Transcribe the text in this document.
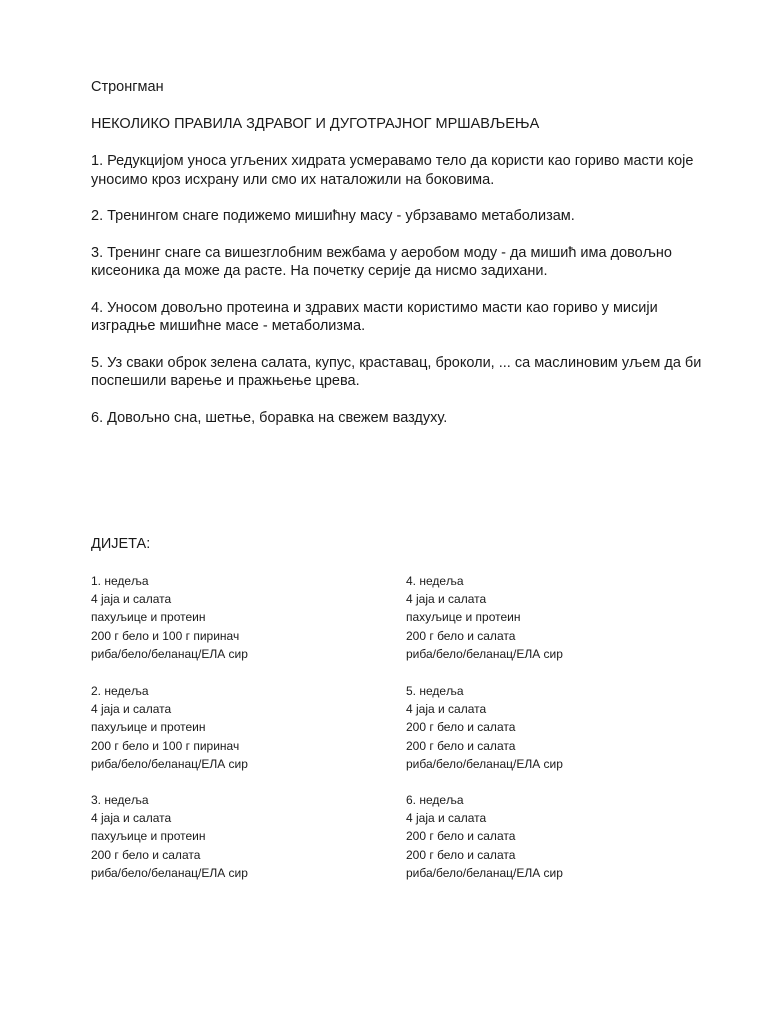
Стронгман
НЕКОЛИКО ПРАВИЛА ЗДРАВОГ И ДУГОТРАЈНОГ МРШАВЉЕЊА

1. Редукцијом уноса угљених хидрата усмеравамо тело да користи као гориво масти које уносимо кроз исхрану или смо их наталожили на боковима.

2. Тренингом снаге подижемо мишићну масу - убрзавамо метаболизам.

3. Тренинг снаге са вишезглобним вежбама у аеробом моду - да мишић има довољно кисеоника да може да расте. На почетку серије да нисмо задихани.

4. Уносом довољно протеина и здравих масти користимо масти као гориво у мисији изградње мишићне масе - метаболизма.

5. Уз сваки оброк зелена салата, купус, краставац, броколи, ... са маслиновим уљем да би поспешили варење и пражњење црева.

6. Довољно сна, шетње, боравка на свежем ваздуху.

ДИЈЕТА:
1. недеља
4 јаја и салата
пахуљице и протеин
200 г бело и 100 г пиринач
риба/бело/беланац/ЕЛА сир
2. недеља
4 јаја и салата
пахуљице и протеин
200 г бело и 100 г пиринач
риба/бело/беланац/ЕЛА сир
3. недеља
4 јаја и салата
пахуљице и протеин
200 г бело и салата
риба/бело/беланац/ЕЛА сир
4. недеља
4 јаја и салата
пахуљице и протеин
200 г бело и салата
риба/бело/беланац/ЕЛА сир
5. недеља
4 јаја и салата
200 г бело и салата
200 г бело и салата
риба/бело/беланац/ЕЛА сир
6. недеља
4 јаја и салата
200 г бело и салата
200 г бело и салата
риба/бело/беланац/ЕЛА сир
